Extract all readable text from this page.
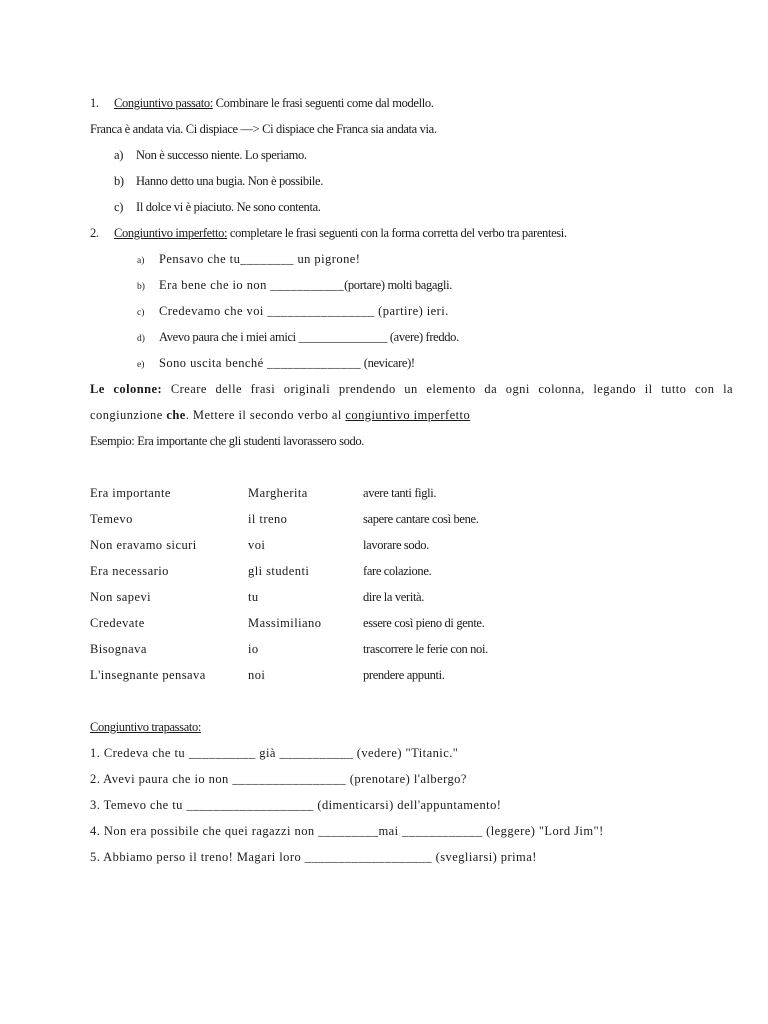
1. Congiuntivo passato: Combinare le frasi seguenti come dal modello.
Franca è andata via. Ci dispiace —> Ci dispiace che Franca sia andata via.
a) Non è successo niente. Lo speriamo.
b) Hanno detto una bugia. Non è possibile.
c) Il dolce vi è piaciuto. Ne sono contenta.
2. Congiuntivo imperfetto: completare le frasi seguenti con la forma corretta del verbo tra parentesi.
a) Pensavo che tu________ un pigrone!
b) Era bene che io non ___________(portare) molti bagagli.
c) Credevamo che voi ________________ (partire) ieri.
d) Avevo paura che i miei amici _______________ (avere) freddo.
e) Sono uscita benché ______________ (nevicare)!
Le colonne: Creare delle frasi originali prendendo un elemento da ogni colonna, legando il tutto con la
congiunzione che. Mettere il secondo verbo al congiuntivo imperfetto
Esempio: Era importante che gli studenti lavorassero sodo.
Era importante
Temevo
Non eravamo sicuri
Era necessario
Non sapevi
Credevate
Bisognava
L'insegnante pensava
Margherita
il treno
voi
gli studenti
tu
Massimiliano
io
noi
avere tanti figli.
sapere cantare così bene.
lavorare sodo.
fare colazione.
dire la verità.
essere così pieno di gente.
trascorrere le ferie con noi.
prendere appunti.
Congiuntivo trapassato:
1. Credeva che tu __________ già ___________ (vedere) "Titanic."
2. Avevi paura che io non _________________ (prenotare) l'albergo?
3. Temevo che tu ___________________ (dimenticarsi) dell'appuntamento!
4. Non era possibile che quei ragazzi non _________mai ____________ (leggere) "Lord Jim"!
5. Abbiamo perso il treno! Magari loro ___________________ (svegliarsi) prima!
